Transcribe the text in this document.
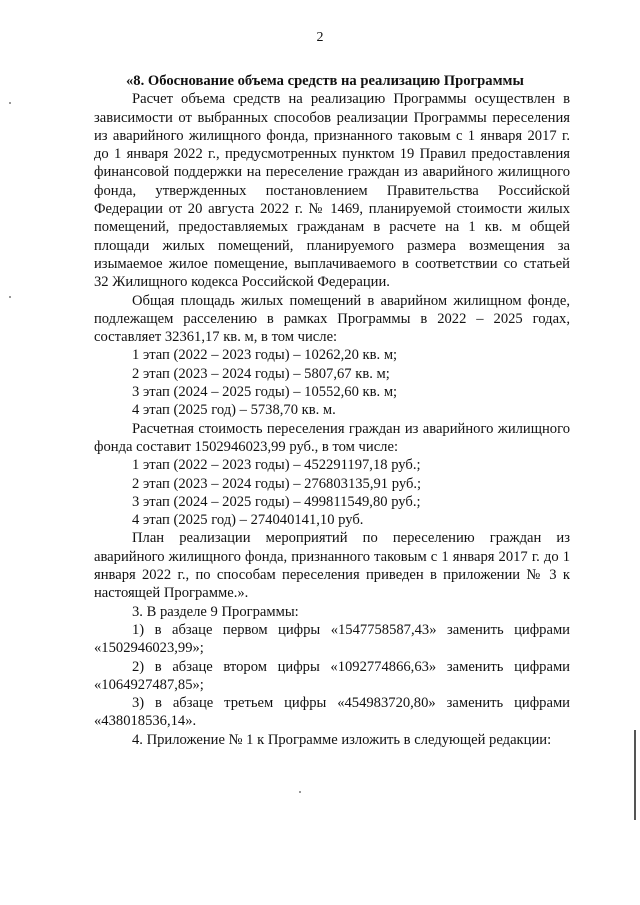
2

«8. Обоснование объема средств на реализацию Программы

Расчет объема средств на реализацию Программы осуществлен в зависимости от выбранных способов реализации Программы переселения из аварийного жилищного фонда, признанного таковым с 1 января 2017 г. до 1 января 2022 г., предусмотренных пунктом 19 Правил предоставления финансовой поддержки на переселение граждан из аварийного жилищного фонда, утвержденных постановлением Правительства Российской Федерации от 20 августа 2022 г. № 1469, планируемой стоимости жилых помещений, предоставляемых гражданам в расчете на 1 кв. м общей площади жилых помещений, планируемого размера возмещения за изымаемое жилое помещение, выплачиваемого в соответствии со статьей 32 Жилищного кодекса Российской Федерации.

Общая площадь жилых помещений в аварийном жилищном фонде, подлежащем расселению в рамках Программы в 2022 – 2025 годах, составляет 32361,17 кв. м, в том числе:

1 этап (2022 – 2023 годы) – 10262,20 кв. м;

2 этап (2023 – 2024 годы) – 5807,67 кв. м;

3 этап (2024 – 2025 годы) – 10552,60 кв. м;

4 этап (2025 год) – 5738,70 кв. м.

Расчетная стоимость переселения граждан из аварийного жилищного фонда составит 1502946023,99 руб., в том числе:

1 этап (2022 – 2023 годы) – 452291197,18 руб.;

2 этап (2023 – 2024 годы) – 276803135,91 руб.;

3 этап (2024 – 2025 годы) – 499811549,80 руб.;

4 этап (2025 год) – 274040141,10 руб.

План реализации мероприятий по переселению граждан из аварийного жилищного фонда, признанного таковым с 1 января 2017 г. до 1 января 2022 г., по способам переселения приведен в приложении № 3 к настоящей Программе.».

3. В разделе 9 Программы:

1) в абзаце первом цифры «1547758587,43» заменить цифрами «1502946023,99»;

2) в абзаце втором цифры «1092774866,63» заменить цифрами «1064927487,85»;

3) в абзаце третьем цифры «454983720,80» заменить цифрами «438018536,14».

4. Приложение № 1 к Программе изложить в следующей редакции:
